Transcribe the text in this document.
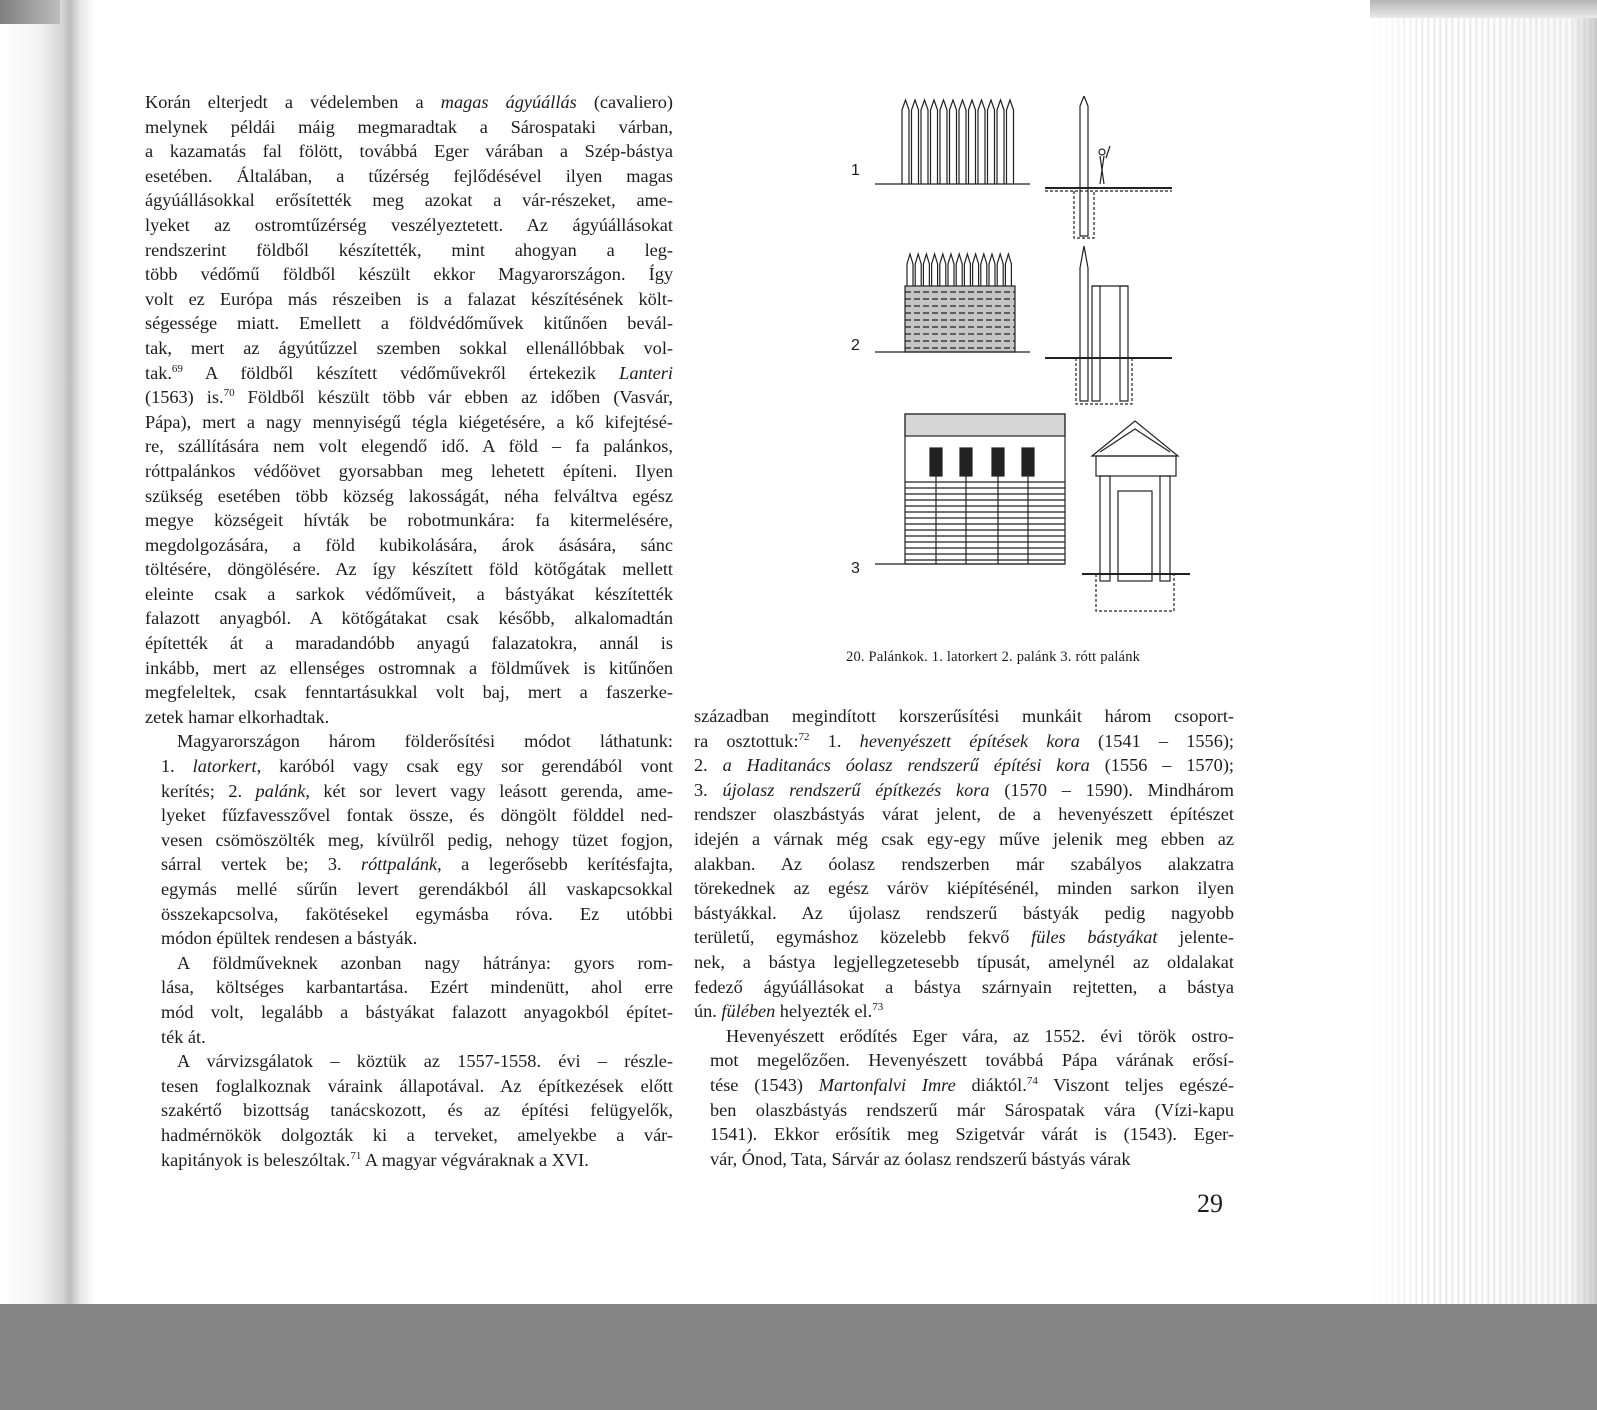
Korán elterjedt a védelemben a magas ágyúállás (cavaliero)
melynek példái máig megmaradtak a Sárospataki várban,
a kazamatás fal fölött, továbbá Eger várában a Szép-bástya
esetében. Általában, a tűzérség fejlődésével ilyen magas
ágyúállásokkal erősítették meg azokat a vár-részeket, ame-
lyeket az ostromtűzérség veszélyeztetett. Az ágyúállásokat
rendszerint földből készítették, mint ahogyan a leg-
több védőmű földből készült ekkor Magyarországon. Így
volt ez Európa más részeiben is a falazat készítésének költ-
ségessége miatt. Emellett a földvédőművek kitűnően bevál-
tak, mert az ágyútűzzel szemben sokkal ellenállóbbak vol-
tak.$^{69}$ A földből készített védőművekről értekezik Lanteri
(1563) is.$^{70}$ Földből készült több vár ebben az időben (Vasvár,
Pápa), mert a nagy mennyiségű tégla kiégetésére, a kő kifejtésé-
re, szállítására nem volt elegendő idő. A föld – fa palánkos,
róttpalánkos védőövet gyorsabban meg lehetett építeni. Ilyen
szükség esetében több község lakosságát, néha felváltva egész
megye községeit hívták be robotmunkára: fa kitermelésére,
megdolgozására, a föld kubikolására, árok ásására, sánc
töltésére, döngölésére. Az így készített föld kötőgátak mellett
eleinte csak a sarkok védőműveit, a bástyákat készítették
falazott anyagból. A kötőgátakat csak később, alkalomadtán
építették át a maradandóbb anyagú falazatokra, annál is
inkább, mert az ellenséges ostromnak a földművek is kitűnően
megfeleltek, csak fenntartásukkal volt baj, mert a faszerke-
zetek hamar elkorhadtak.

Magyarországon három földerősítési módot láthatunk:
1. latorkert, karóból vagy csak egy sor gerendából vont
kerítés; 2. palánk, két sor levert vagy leásott gerenda, ame-
lyeket fűzfavesszővel fontak össze, és döngölt földdel ned-
vesen csömöszölték meg, kívülről pedig, nehogy tüzet fogjon,
sárral vertek be; 3. róttpalánk, a legerősebb kerítésfajta,
egymás mellé sűrűn levert gerendákból áll vaskapcsokkal
összekapcsolva, fakötésekel egymásba róva. Ez utóbbi
módon épültek rendesen a bástyák.

A földműveknek azonban nagy hátránya: gyors rom-
lása, költséges karbantartása. Ezért mindenütt, ahol erre
mód volt, legalább a bástyákat falazott anyagokból építet-
ték át.

A várvizsgálatok – köztük az 1557-1558. évi – részle-
tesen foglalkoznak váraink állapotával. Az építkezések előtt
szakértő bizottság tanácskozott, és az építési felügyelők,
hadmérnökök dolgozták ki a terveket, amelyekbe a vár-
kapitányok is beleszóltak.$^{71}$ A magyar végváraknak a XVI.

században megindított korszerűsítési munkáit három csoport-
ra osztottuk:$^{72}$ 1. hevenyészett építések kora (1541 – 1556);
2. a Haditanács óolasz rendszerű építési kora (1556 – 1570);
3. újolasz rendszerű építkezés kora (1570 – 1590). Mindhárom
rendszer olaszbástyás várat jelent, de a hevenyészett építészet
idején a várnak még csak egy-egy műve jelenik meg ebben az
alakban. Az óolasz rendszerben már szabályos alakzatra
törekednek az egész váröv kiépítésénél, minden sarkon ilyen
bástyákkal. Az újolasz rendszerű bástyák pedig nagyobb
területű, egymáshoz közelebb fekvő füles bástyákat jelente-
nek, a bástya legjellegzetesebb típusát, amelynél az oldalakat
fedező ágyúállásokat a bástya szárnyain rejtetten, a bástya
ún. fülében helyezték el.$^{73}$

Hevenyészett erődítés Eger vára, az 1552. évi török ostro-
mot megelőzően. Hevenyészett továbbá Pápa várának erősí-
tése (1543) Martonfalvi Imre diáktól.$^{74}$ Viszont teljes egészé-
ben olaszbástyás rendszerű már Sárospatak vára (Vízi-kapu
1541). Ekkor erősítik meg Szigetvár várát is (1543). Eger-
vár, Ónod, Tata, Sárvár az óolasz rendszerű bástyás várak

1
2
3
20. Palánkok. 1. latorkert 2. palánk 3. rótt palánk
29
